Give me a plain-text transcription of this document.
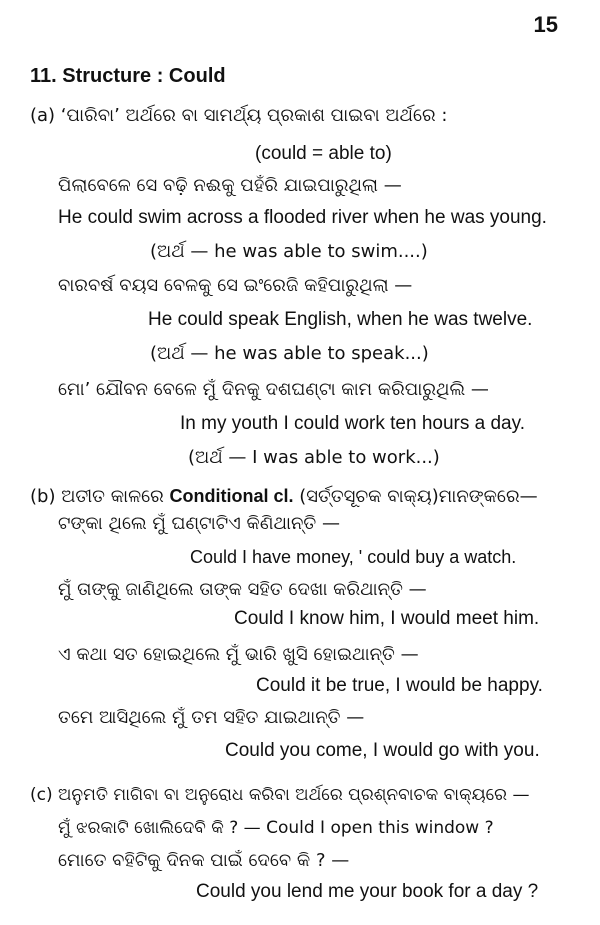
15
11. Structure : Could
(a) ‘ପାରିବା’ ଅର୍ଥରେ ବା ସାମର୍ଥ୍ୟ ପ୍ରକାଶ ପାଇବା ଅର୍ଥରେ :
(could = able to)
ପିଲାବେଳେ ସେ ବଢ଼ି ନଈକୁ ପହଁରି ଯାଇପାରୁଥିଲା —
He could swim across a flooded river when he was young.
(ଅର୍ଥ — he was able to swim....)
ବାରବର୍ଷ ବୟସ ବେଳକୁ ସେ ଇଂରେଜି କହିପାରୁଥିଲା —
He could speak English, when he was twelve.
(ଅର୍ଥ — he was able to speak...)
ମୋ’ ଯୌବନ ବେଳେ ମୁଁ ଦିନକୁ ଦଶଘଣ୍ଟା କାମ କରିପାରୁଥିଲି —
In my youth I could work ten hours a day.
(ଅର୍ଥ — I was able to work...)
(b) ଅତୀତ କାଳରେ Conditional cl. (ସର୍ତ୍ତସୂଚକ ବାକ୍ୟ)ମାନଙ୍କରେ—
ଟଙ୍କା ଥିଲେ ମୁଁ ଘଣ୍ଟାଟିଏ କିଣିଥାନ୍ତି —
Could I have money, ' could buy a watch.
ମୁଁ ତାଙ୍କୁ ଜାଣିଥିଲେ ତାଙ୍କ ସହିତ ଦେଖା କରିଥାନ୍ତି —
Could I know him, I would meet him.
ଏ କଥା ସତ ହୋଇଥିଲେ ମୁଁ ଭାରି ଖୁସି ହୋଇଥାନ୍ତି —
Could it be true, I would be happy.
ତମେ ଆସିଥିଲେ ମୁଁ ତମ ସହିତ ଯାଇଥାନ୍ତି —
Could you come, I would go with you.
(c) ଅନୁମତି ମାଗିବା ବା ଅନୁରୋଧ କରିବା ଅର୍ଥରେ ପ୍ରଶ୍ନବାଚକ ବାକ୍ୟରେ —
ମୁଁ ଝରକାଟି ଖୋଲିଦେବି କି ? — Could I open this window ?
ମୋତେ ବହିଟିକୁ ଦିନକ ପାଇଁ ଦେବେ କି ? —
Could you lend me your book for a day ?
